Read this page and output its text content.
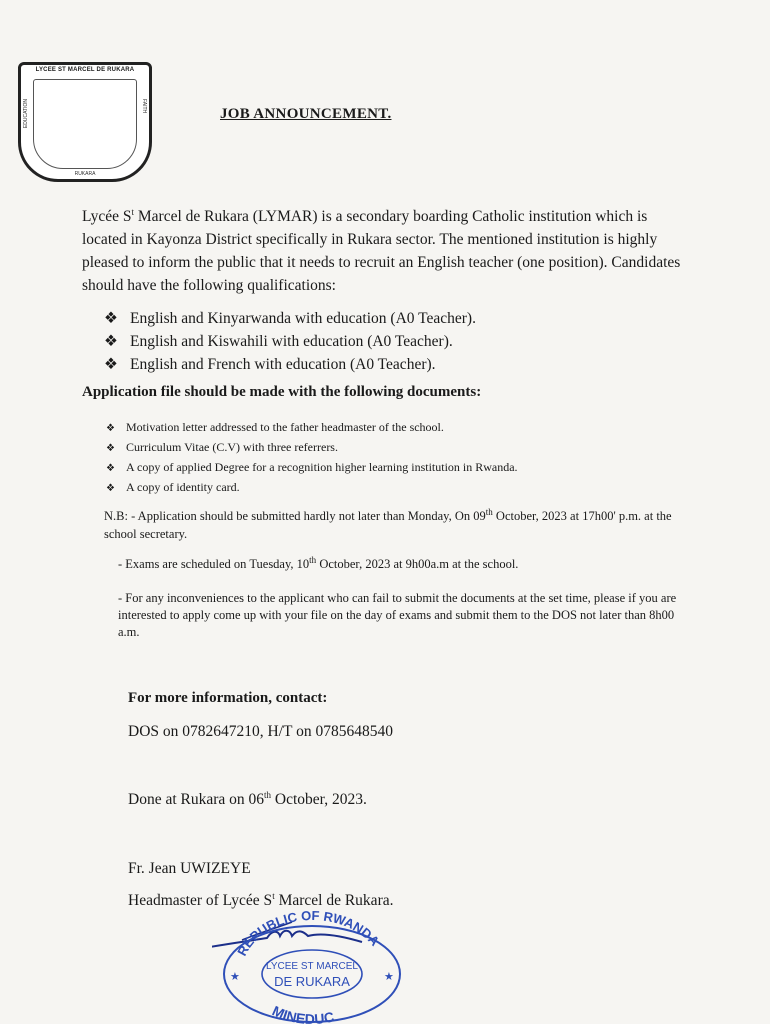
LYCEE ST MARCEL DE RUKARA
EDUCATION	FAITH
RUKARA
JOB ANNOUNCEMENT.
Lycée $S^t$ Marcel de Rukara (LYMAR) is a secondary boarding Catholic institution which is located in Kayonza District specifically in Rukara sector. The mentioned institution is highly pleased to inform the public that it needs to recruit an English teacher (one position). Candidates should have the following qualifications:
❖ English and Kinyarwanda with education (A0 Teacher).
❖ English and Kiswahili with education (A0 Teacher).
❖ English and French with education (A0 Teacher).
Application file should be made with the following documents:
❖ Motivation letter addressed to the father headmaster of the school.
❖ Curriculum Vitae (C.V) with three referrers.
❖ A copy of applied Degree for a recognition higher learning institution in Rwanda.
❖ A copy of identity card.
N.B: - Application should be submitted hardly not later than Monday, On 09th October, 2023 at 17h00' p.m. at the school secretary.
- Exams are scheduled on Tuesday, 10th October, 2023 at 9h00a.m at the school.
- For any inconveniences to the applicant who can fail to submit the documents at the set time, please if you are interested to apply come up with your file on the day of exams and submit them to the DOS not later than 8h00 a.m.
For more information, contact:
DOS on 0782647210, H/T on 0785648540
Done at Rukara on 06th October, 2023.
Fr. Jean UWIZEYE
Headmaster of Lycée $S^t$ Marcel de Rukara.
REPUBLIC OF RWANDA
LYCEE ST MARCEL
DE RUKARA
MINEDUC
★	★
